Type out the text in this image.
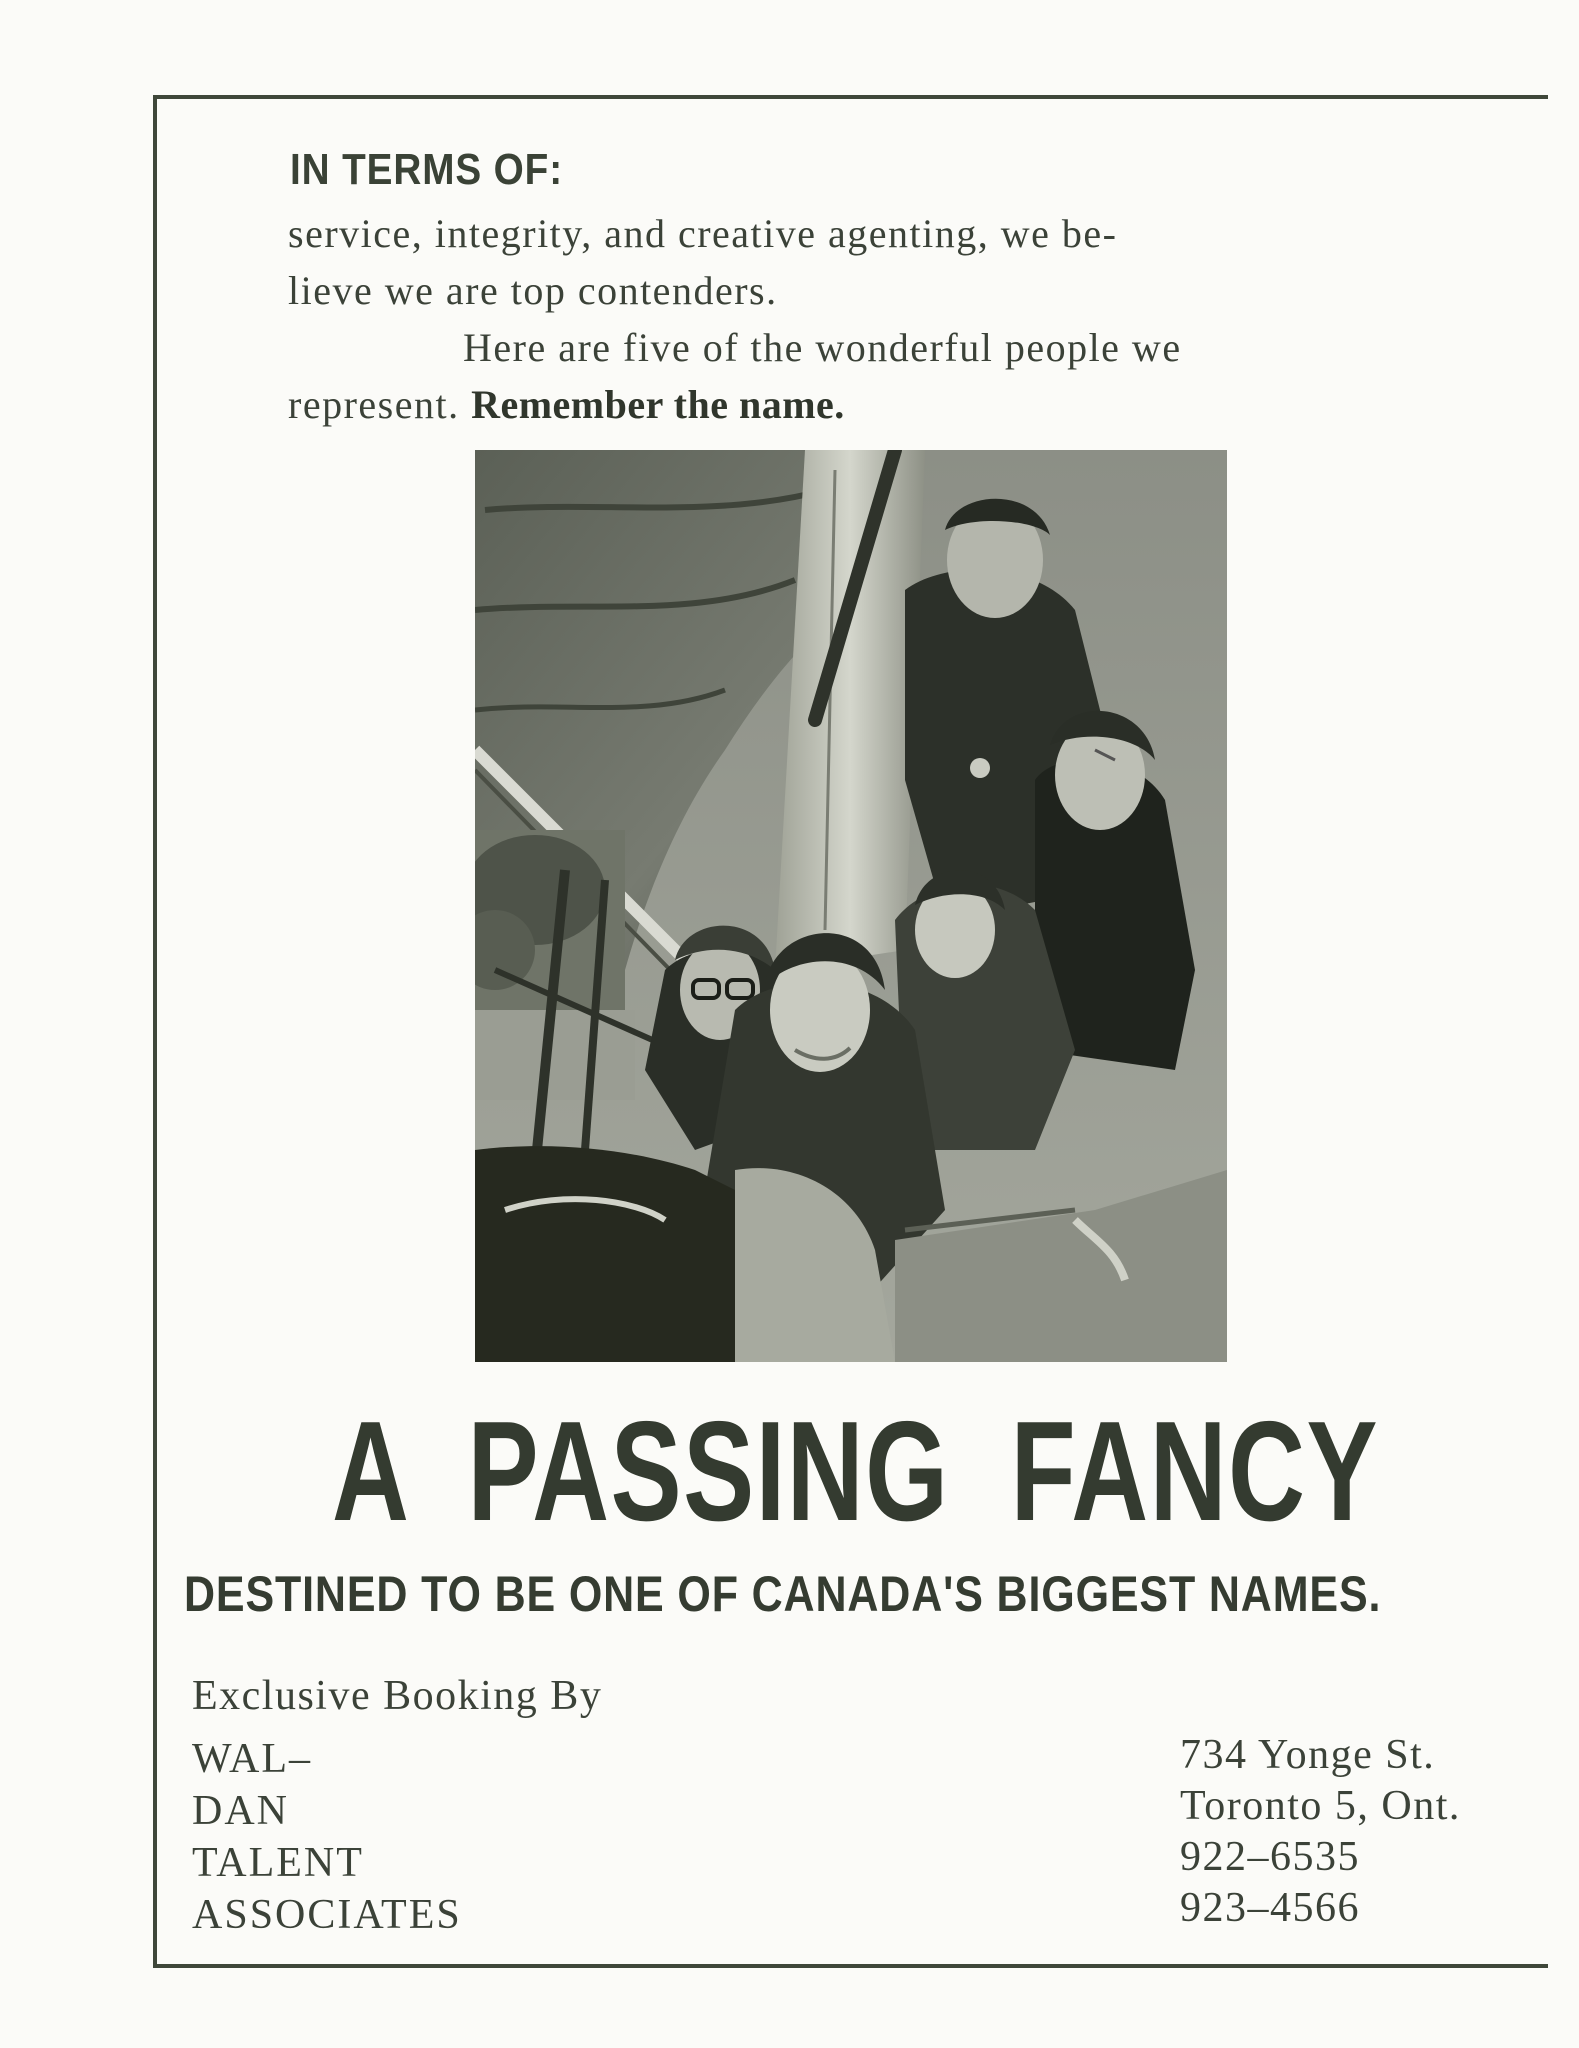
IN TERMS OF:

service, integrity, and creative agenting, we be-

lieve we are top contenders.

Here are five of the wonderful people we

represent. Remember the name.

A PASSING FANCY
DESTINED TO BE ONE OF CANADA'S BIGGEST NAMES.
Exclusive Booking By
WAL–
DAN
TALENT
ASSOCIATES
734 Yonge St.
Toronto 5, Ont.
922–6535
923–4566
